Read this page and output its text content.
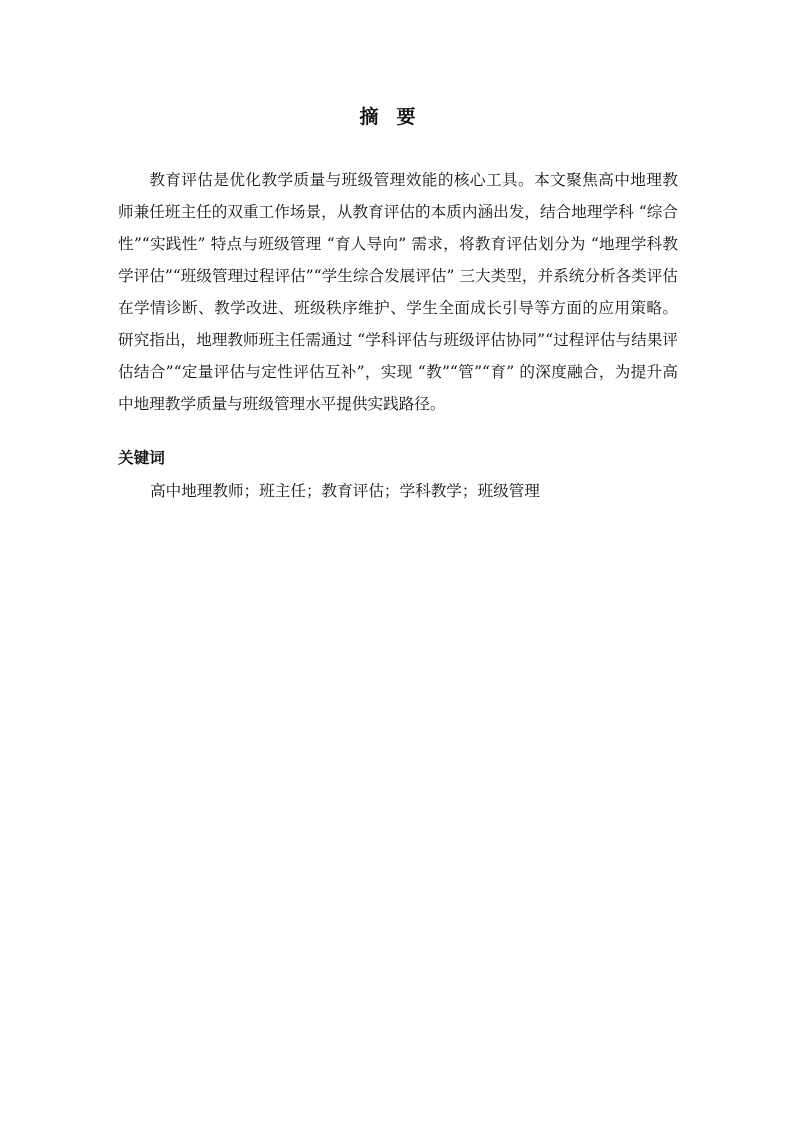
摘要

教育评估是优化教学质量与班级管理效能的核心工具。本文聚焦高中地理教师兼任班主任的双重工作场景，从教育评估的本质内涵出发，结合地理学科 “综合性”“实践性” 特点与班级管理 “育人导向” 需求，将教育评估划分为 “地理学科教学评估”“班级管理过程评估”“学生综合发展评估” 三大类型，并系统分析各类评估在学情诊断、教学改进、班级秩序维护、学生全面成长引导等方面的应用策略。研究指出，地理教师班主任需通过 “学科评估与班级评估协同”“过程评估与结果评估结合”“定量评估与定性评估互补”，实现 “教”“管”“育” 的深度融合，为提升高中地理教学质量与班级管理水平提供实践路径。

关键词
高中地理教师；班主任；教育评估；学科教学；班级管理
